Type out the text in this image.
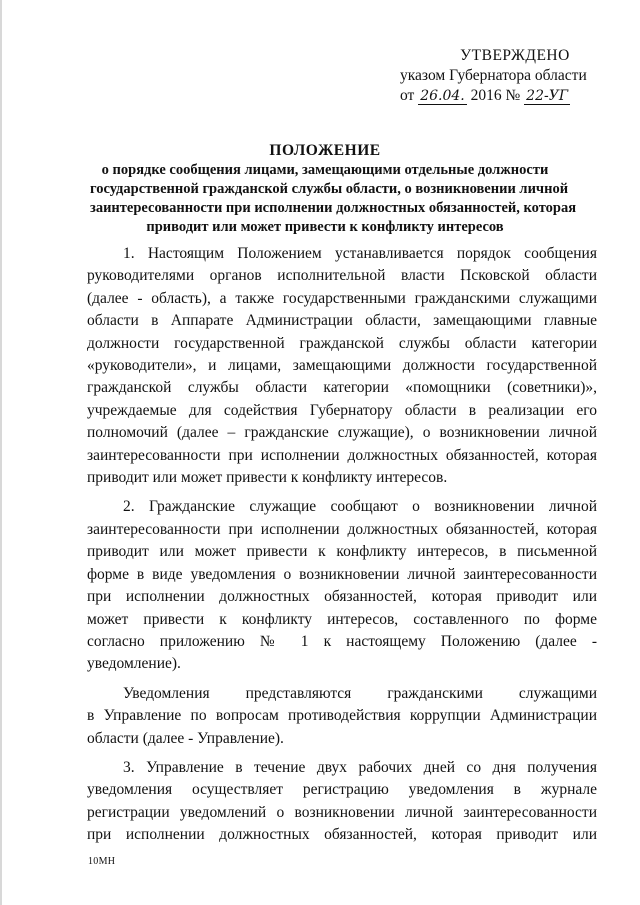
УТВЕРЖДЕНО
указом Губернатора области
от 26.04. 2016 № 22-УГ
ПОЛОЖЕНИЕ
о порядке сообщения лицами, замещающими отдельные должности
государственной гражданской службы области, о возникновении личной
заинтересованности при исполнении должностных обязанностей, которая
приводит или может привести к конфликту интересов
1. Настоящим Положением устанавливается порядок сообщения
руководителями органов исполнительной власти Псковской области
(далее - область), а также государственными гражданскими служащими
области в Аппарате Администрации области, замещающими главные
должности государственной гражданской службы области категории
«руководители», и лицами, замещающими должности государственной
гражданской службы области категории «помощники (советники)»,
учреждаемые для содействия Губернатору области в реализации его
полномочий (далее – гражданские служащие), о возникновении личной
заинтересованности при исполнении должностных обязанностей, которая
приводит или может привести к конфликту интересов.
2. Гражданские служащие сообщают о возникновении личной
заинтересованности при исполнении должностных обязанностей, которая
приводит или может привести к конфликту интересов, в письменной
форме в виде уведомления о возникновении личной заинтересованности
при исполнении должностных обязанностей, которая приводит или
может привести к конфликту интересов, составленного по форме
согласно приложению № 1 к настоящему Положению (далее -
уведомление).
Уведомления представляются гражданскими служащими
в Управление по вопросам противодействия коррупции Администрации
области (далее - Управление).
3. Управление в течение двух рабочих дней со дня получения
уведомления осуществляет регистрацию уведомления в журнале
регистрации уведомлений о возникновении личной заинтересованности
при исполнении должностных обязанностей, которая приводит или
10МН
